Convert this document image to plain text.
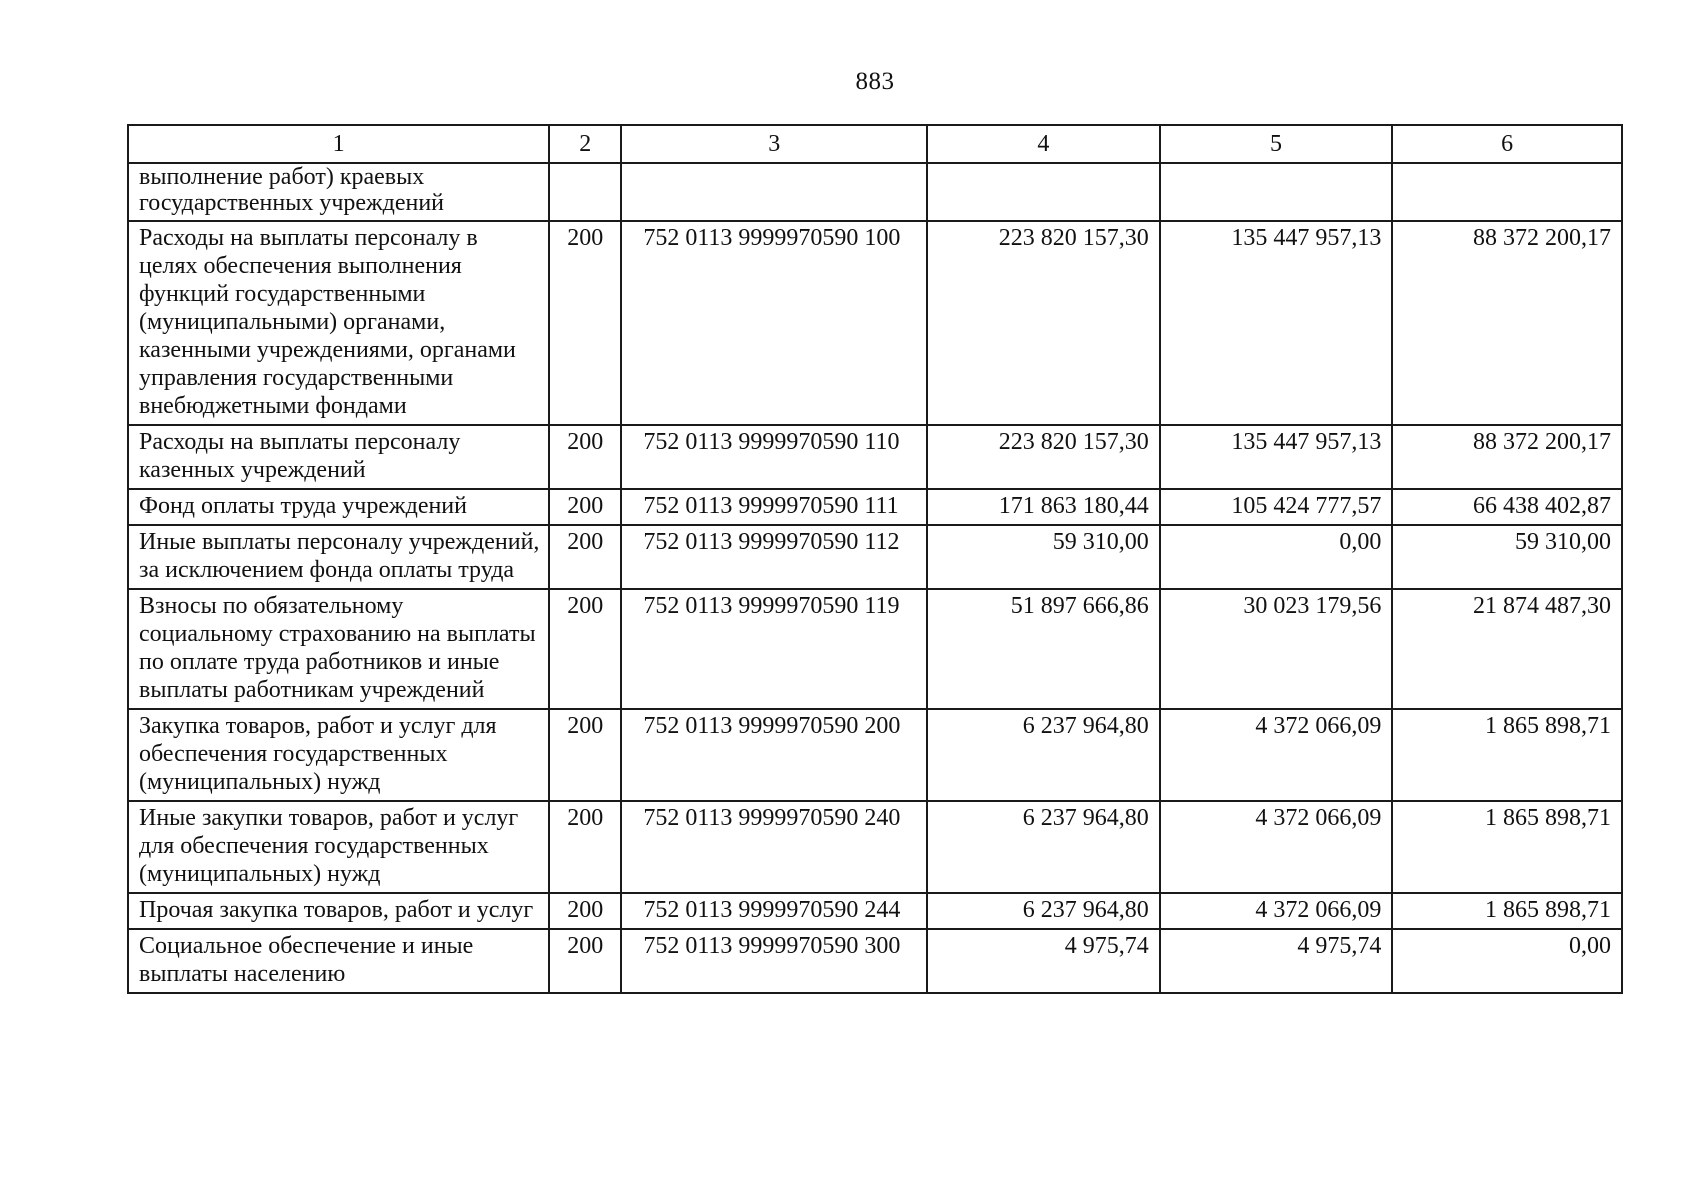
883
1	2	3	4	5	6
выполнение работ) краевых государственных учреждений					
Расходы на выплаты персоналу в целях обеспечения выполнения функций государственными (муниципальными) органами, казенными учреждениями, органами управления государственными внебюджетными фондами	200	752 0113 9999970590 100	223 820 157,30	135 447 957,13	88 372 200,17
Расходы на выплаты персоналу казенных учреждений	200	752 0113 9999970590 110	223 820 157,30	135 447 957,13	88 372 200,17
Фонд оплаты труда учреждений	200	752 0113 9999970590 111	171 863 180,44	105 424 777,57	66 438 402,87
Иные выплаты персоналу учреждений, за исключением фонда оплаты труда	200	752 0113 9999970590 112	59 310,00	0,00	59 310,00
Взносы по обязательному социальному страхованию на выплаты по оплате труда работников и иные выплаты работникам учреждений	200	752 0113 9999970590 119	51 897 666,86	30 023 179,56	21 874 487,30
Закупка товаров, работ и услуг для обеспечения государственных (муниципальных) нужд	200	752 0113 9999970590 200	6 237 964,80	4 372 066,09	1 865 898,71
Иные закупки товаров, работ и услуг для обеспечения государственных (муниципальных) нужд	200	752 0113 9999970590 240	6 237 964,80	4 372 066,09	1 865 898,71
Прочая закупка товаров, работ и услуг	200	752 0113 9999970590 244	6 237 964,80	4 372 066,09	1 865 898,71
Социальное обеспечение и иные выплаты населению	200	752 0113 9999970590 300	4 975,74	4 975,74	0,00
